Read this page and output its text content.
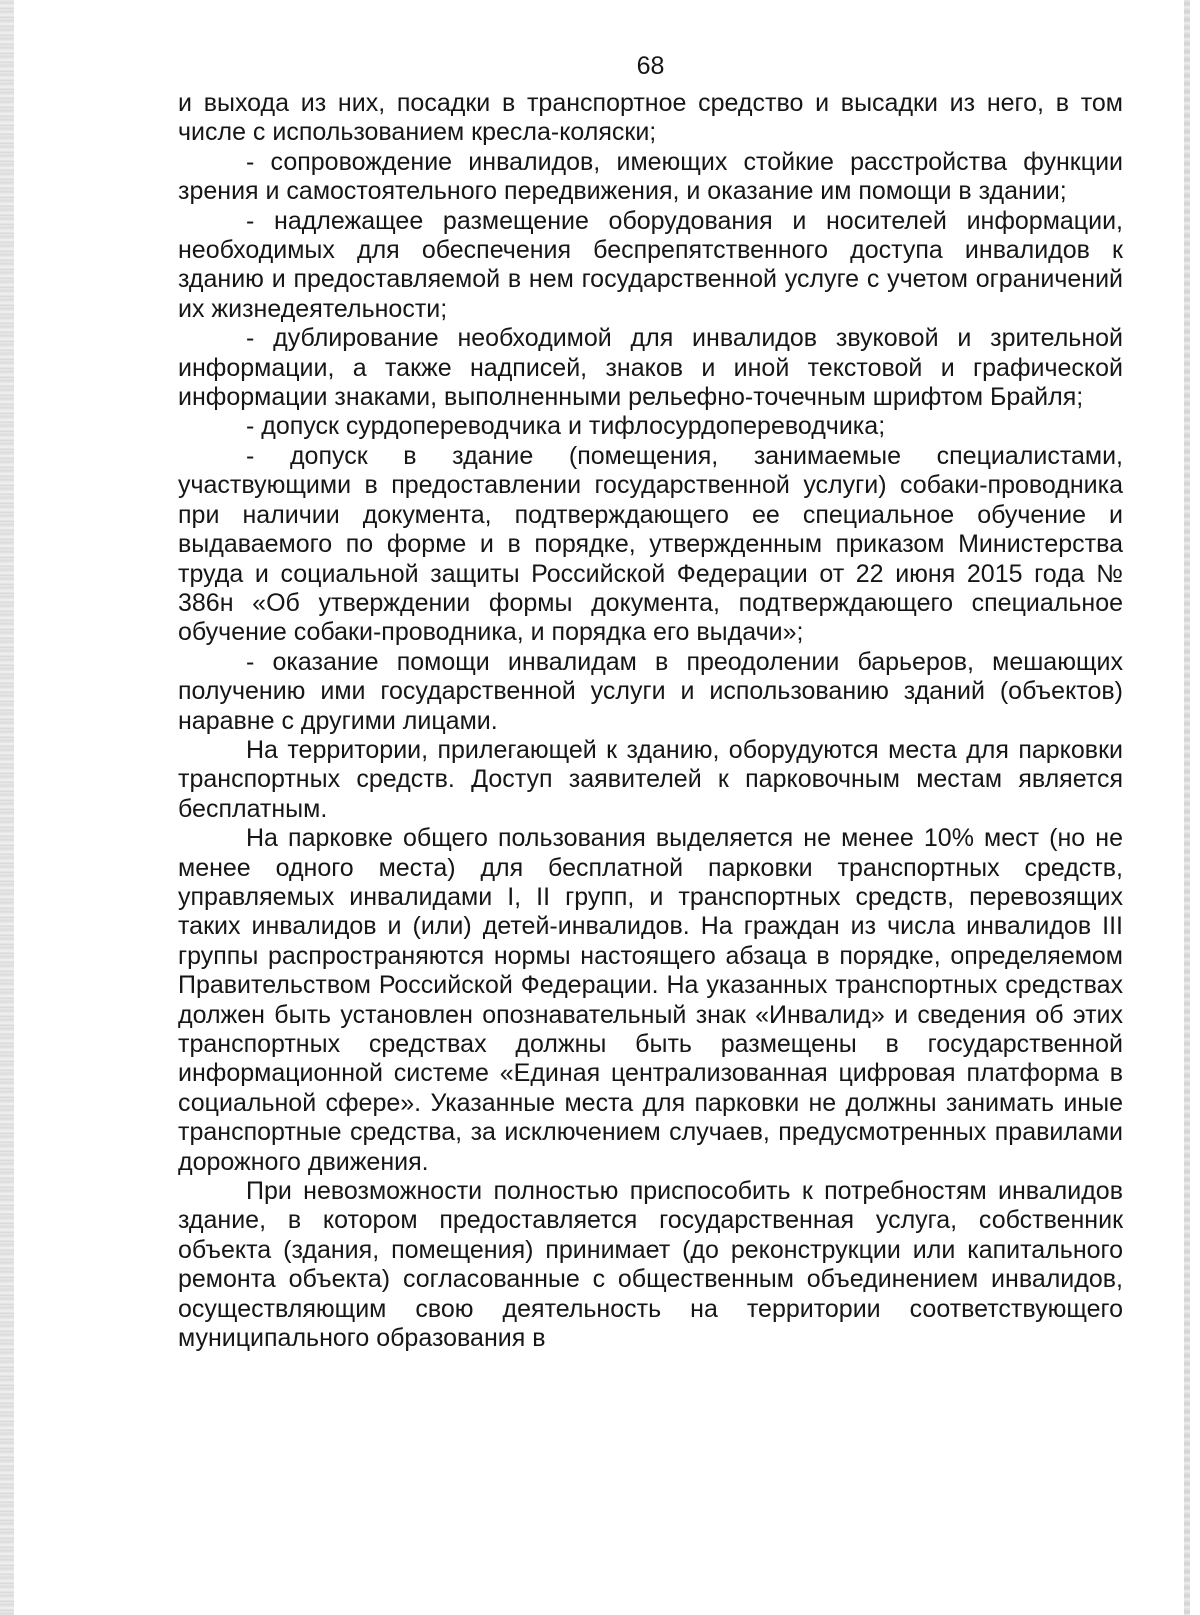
68

и выхода из них, посадки в транспортное средство и высадки из него, в том числе с использованием кресла-коляски;

- сопровождение инвалидов, имеющих стойкие расстройства функции зрения и самостоятельного передвижения, и оказание им помощи в здании;

- надлежащее размещение оборудования и носителей информации, необходимых для обеспечения беспрепятственного доступа инвалидов к зданию и предоставляемой в нем государственной услуге с учетом ограничений их жизнедеятельности;

- дублирование необходимой для инвалидов звуковой и зрительной информации, а также надписей, знаков и иной текстовой и графической информации знаками, выполненными рельефно-точечным шрифтом Брайля;

- допуск сурдопереводчика и тифлосурдопереводчика;

- допуск в здание (помещения, занимаемые специалистами, участвующими в предоставлении государственной услуги) собаки-проводника при наличии документа, подтверждающего ее специальное обучение и выдаваемого по форме и в порядке, утвержденным приказом Министерства труда и социальной защиты Российской Федерации от 22 июня 2015 года № 386н «Об утверждении формы документа, подтверждающего специальное обучение собаки-проводника, и порядка его выдачи»;

- оказание помощи инвалидам в преодолении барьеров, мешающих получению ими государственной услуги и использованию зданий (объектов) наравне с другими лицами.

На территории, прилегающей к зданию, оборудуются места для парковки транспортных средств. Доступ заявителей к парковочным местам является бесплатным.

На парковке общего пользования выделяется не менее 10% мест (но не менее одного места) для бесплатной парковки транспортных средств, управляемых инвалидами I, II групп, и транспортных средств, перевозящих таких инвалидов и (или) детей-инвалидов. На граждан из числа инвалидов III группы распространяются нормы настоящего абзаца в порядке, определяемом Правительством Российской Федерации. На указанных транспортных средствах должен быть установлен опознавательный знак «Инвалид» и сведения об этих транспортных средствах должны быть размещены в государственной информационной системе «Единая централизованная цифровая платформа в социальной сфере». Указанные места для парковки не должны занимать иные транспортные средства, за исключением случаев, предусмотренных правилами дорожного движения.

При невозможности полностью приспособить к потребностям инвалидов здание, в котором предоставляется государственная услуга, собственник объекта (здания, помещения) принимает (до реконструкции или капитального ремонта объекта) согласованные с общественным объединением инвалидов, осуществляющим свою деятельность на территории соответствующего муниципального образования в
